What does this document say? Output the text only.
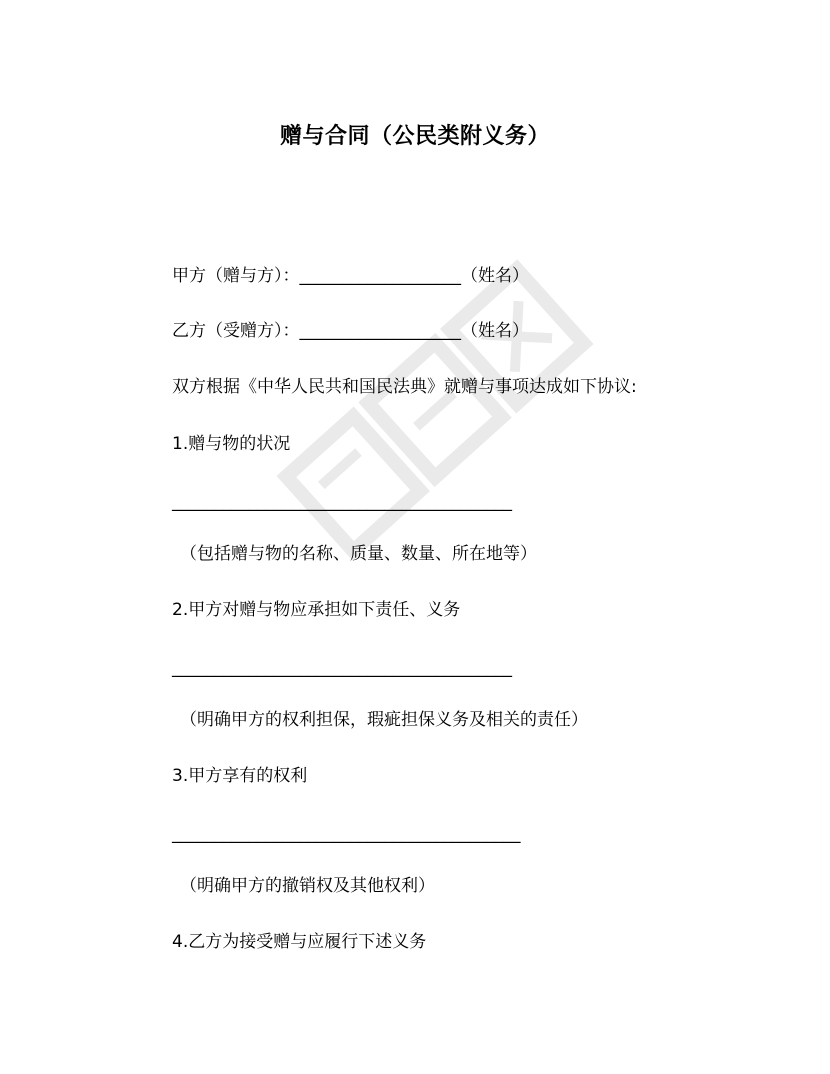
赠与合同（公民类附义务）
甲方（赠与方）：___________________（姓名）
乙方（受赠方）：___________________（姓名）
双方根据《中华人民共和国民法典》就赠与事项达成如下协议:
1.赠与物的状况
________________________________________
（包括赠与物的名称、质量、数量、所在地等）
2.甲方对赠与物应承担如下责任、义务
________________________________________
（明确甲方的权利担保，瑕疵担保义务及相关的责任）
3.甲方享有的权利
_________________________________________
（明确甲方的撤销权及其他权利）
4.乙方为接受赠与应履行下述义务
